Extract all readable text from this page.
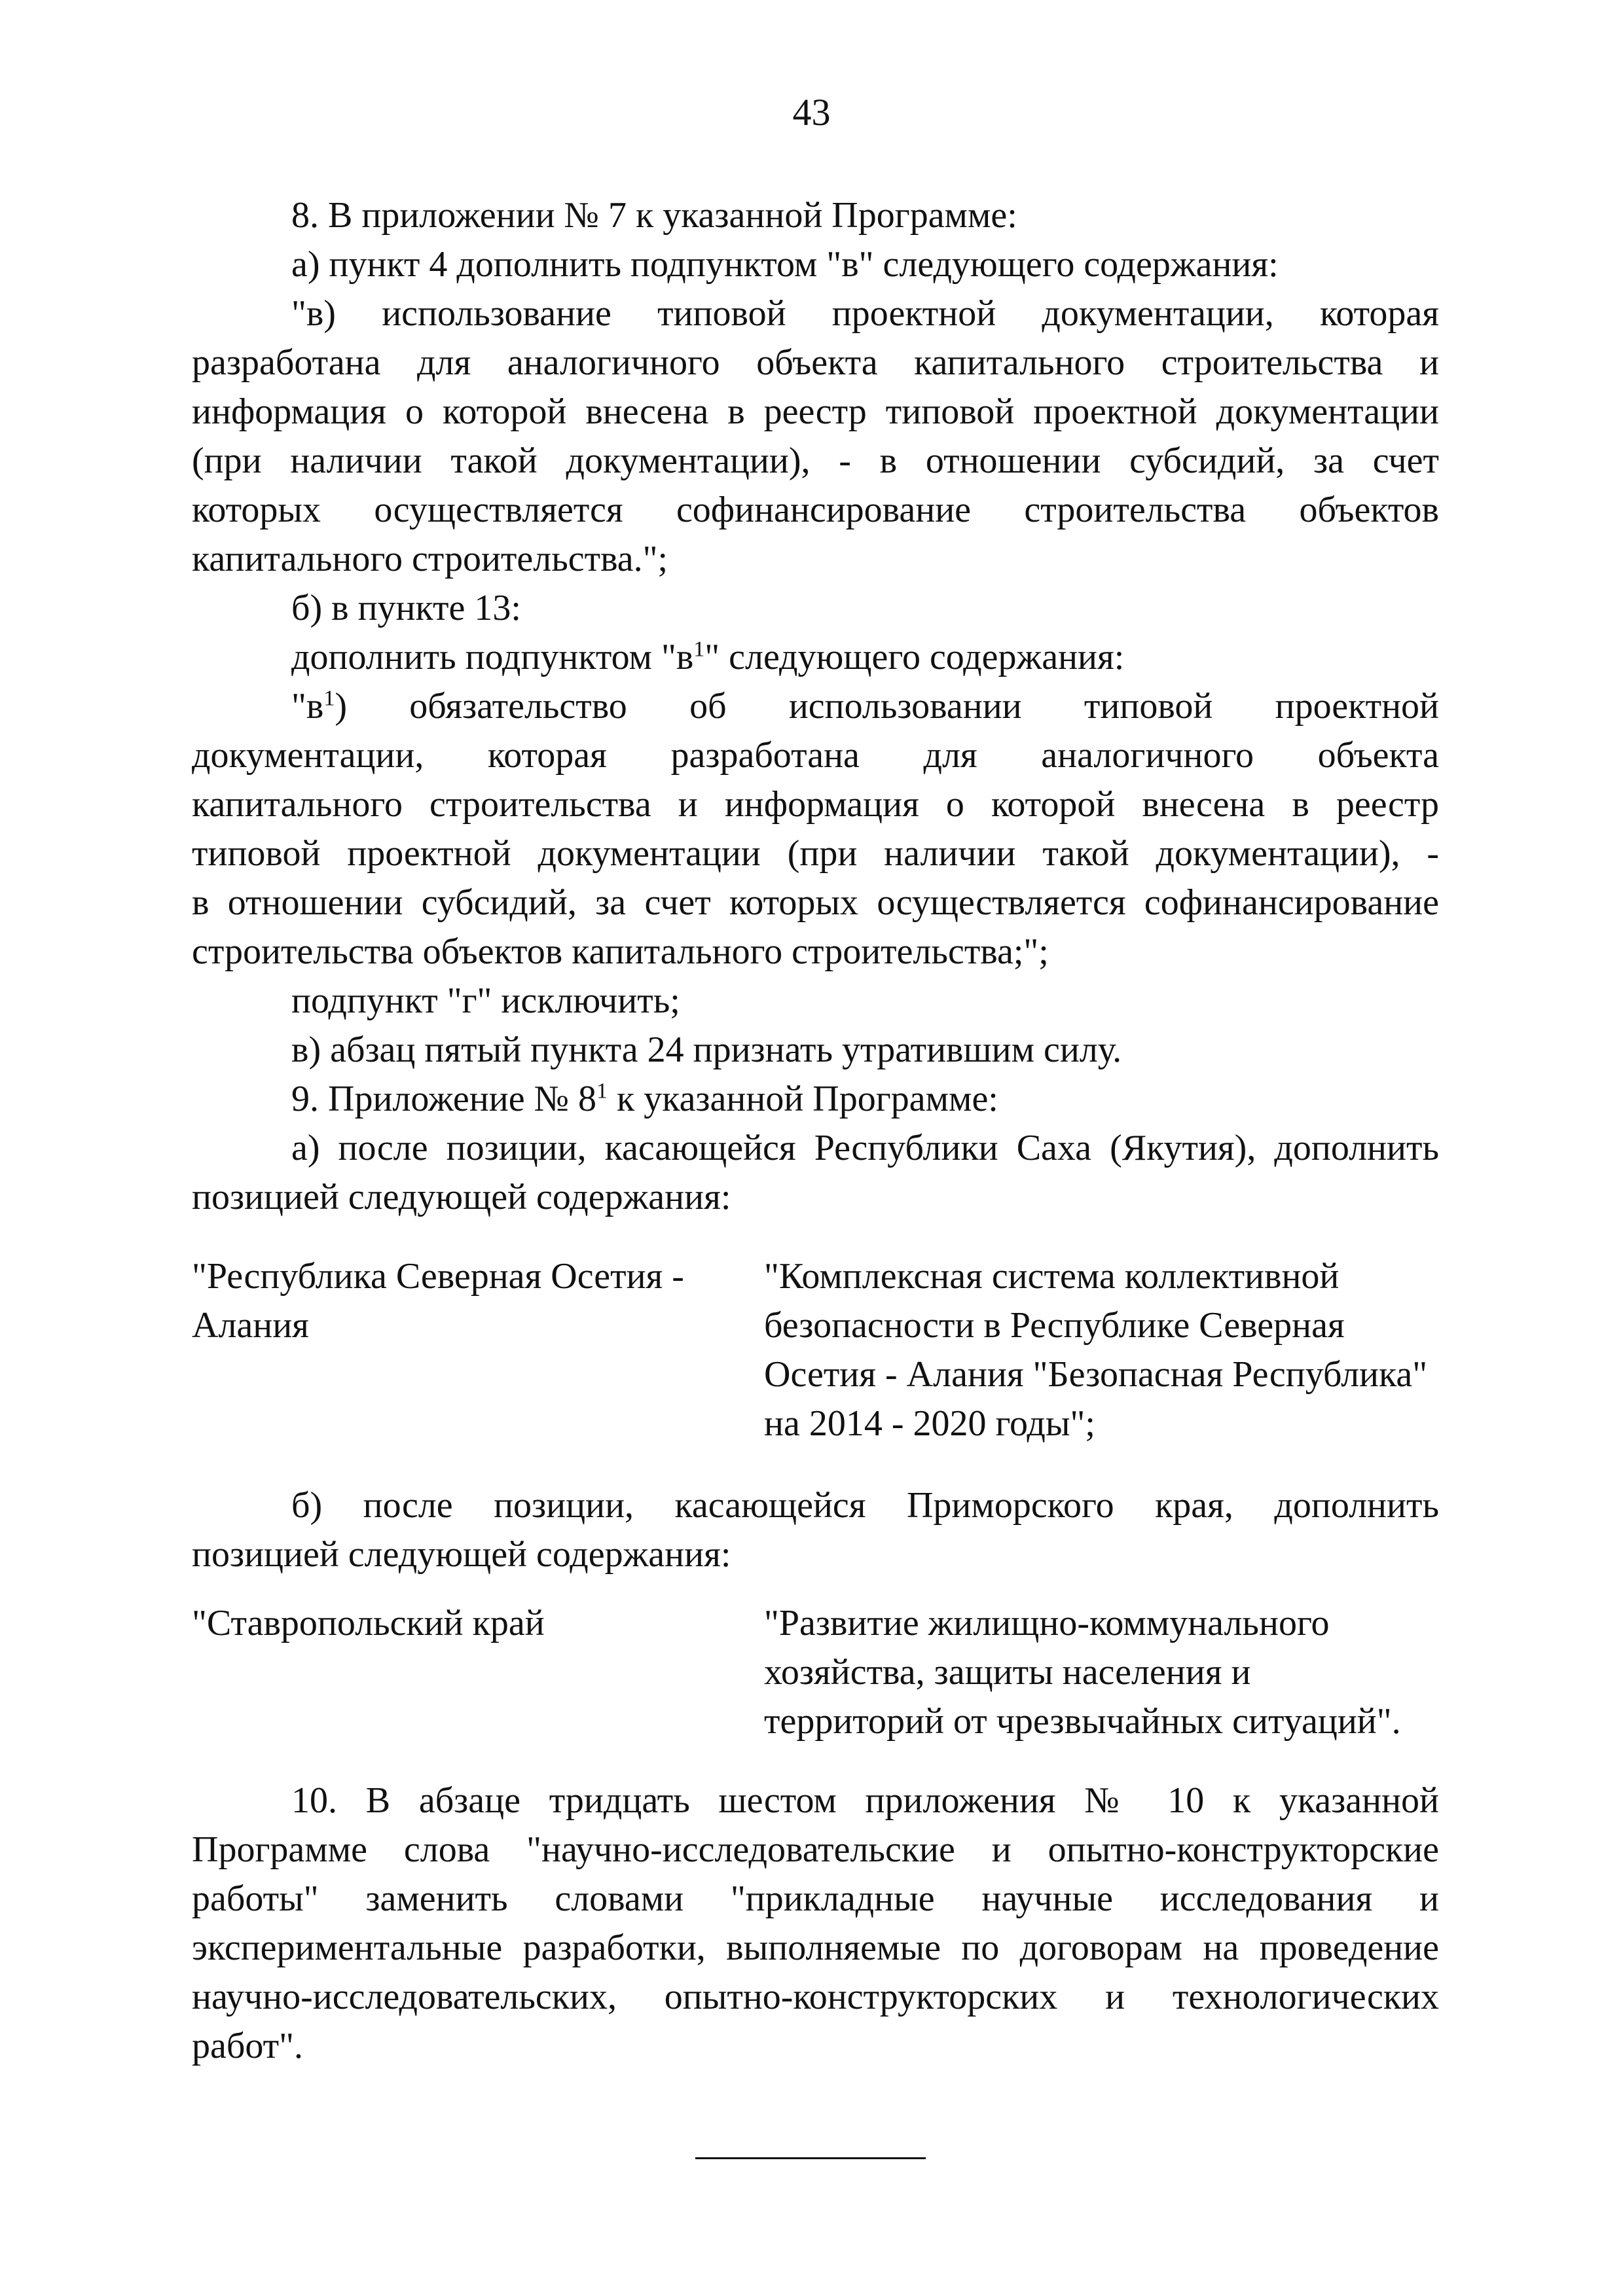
43

8. В приложении № 7 к указанной Программе:

а) пункт 4 дополнить подпунктом "в" следующего содержания:

"в) использование типовой проектной документации, которая

разработана для аналогичного объекта капитального строительства и

информация о которой внесена в реестр типовой проектной документации

(при наличии такой документации), - в отношении субсидий, за счет

которых осуществляется софинансирование строительства объектов

капитального строительства.";

б) в пункте 13:

дополнить подпунктом "$в^1$" следующего содержания:

"$в^1$) обязательство об использовании типовой проектной

документации, которая разработана для аналогичного объекта

капитального строительства и информация о которой внесена в реестр

типовой проектной документации (при наличии такой документации), -

в отношении субсидий, за счет которых осуществляется софинансирование

строительства объектов капитального строительства;";

подпункт "г" исключить;

в) абзац пятый пункта 24 признать утратившим силу.

9. Приложение № $8^1$ к указанной Программе:

а) после позиции, касающейся Республики Саха (Якутия), дополнить

позицией следующей содержания:

"Республика Северная Осетия -

Алания

"Комплексная система коллективной

безопасности в Республике Северная

Осетия - Алания "Безопасная Республика"

на 2014 - 2020 годы";

б) после позиции, касающейся Приморского края, дополнить

позицией следующей содержания:

"Ставропольский край	"Развитие жилищно-коммунального

хозяйства, защиты населения и

территорий от чрезвычайных ситуаций".

10. В абзаце тридцать шестом приложения № 10 к указанной

Программе слова "научно-исследовательские и опытно-конструкторские

работы" заменить словами "прикладные научные исследования и

экспериментальные разработки, выполняемые по договорам на проведение

научно-исследовательских, опытно-конструкторских и технологических

работ".
